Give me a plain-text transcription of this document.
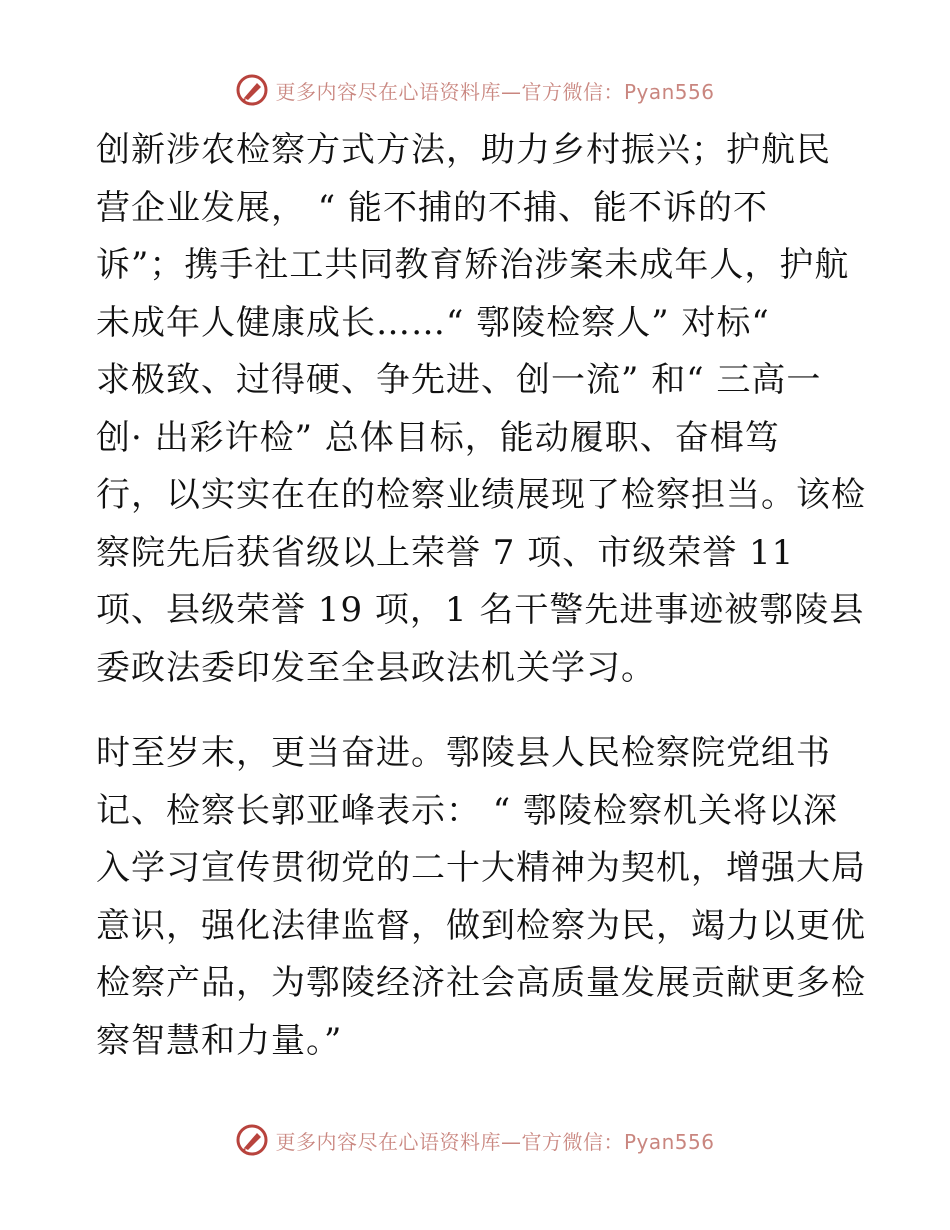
更多内容尽在心语资料库—官方微信：Pyan556

创新涉农检察方式方法，助力乡村振兴；护航民
营企业发展， “ 能不捕的不捕、能不诉的不
诉”；携手社工共同教育矫治涉案未成年人，护航
未成年人健康成长……“ 鄠陵检察人” 对标“
求极致、过得硬、争先进、创一流” 和“ 三高一
创· 出彩许检” 总体目标，能动履职、奋楫笃
行，以实实在在的检察业绩展现了检察担当。该检
察院先后获省级以上荣誉 7 项、市级荣誉 11
项、县级荣誉 19 项，1 名干警先进事迹被鄠陵县
委政法委印发至全县政法机关学习。

时至岁末，更当奋进。鄠陵县人民检察院党组书
记、检察长郭亚峰表示： “ 鄠陵检察机关将以深
入学习宣传贯彻党的二十大精神为契机，增强大局
意识，强化法律监督，做到检察为民，竭力以更优
检察产品，为鄠陵经济社会高质量发展贡献更多检
察智慧和力量。”

更多内容尽在心语资料库—官方微信：Pyan556
